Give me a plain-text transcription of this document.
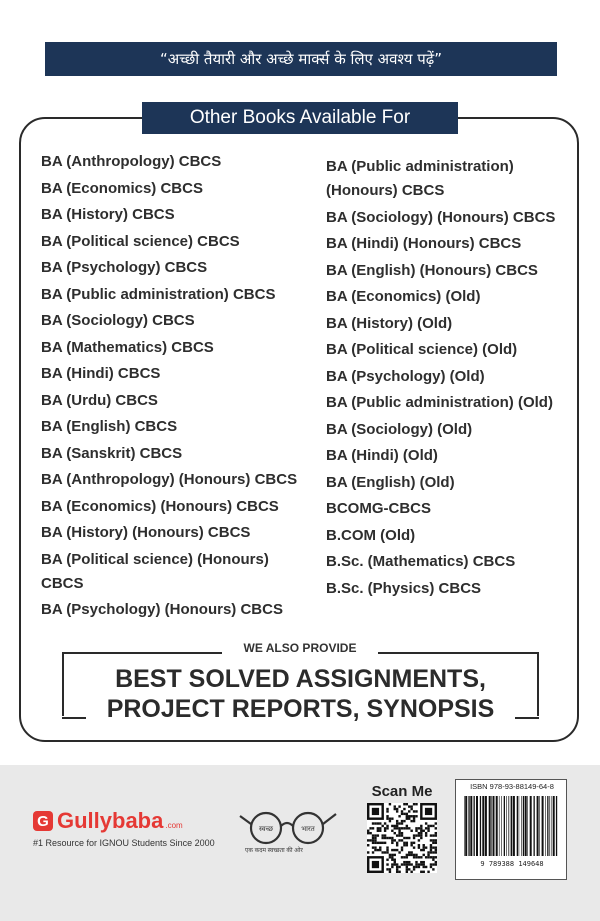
“अच्छी तैयारी और अच्छे मार्क्स के लिए अवश्य पढ़ें”
Other Books Available For
BA (Anthropology) CBCS
BA (Economics) CBCS
BA (History) CBCS
BA (Political science) CBCS
BA (Psychology) CBCS
BA (Public administration) CBCS
BA (Sociology) CBCS
BA (Mathematics) CBCS
BA (Hindi) CBCS
BA (Urdu) CBCS
BA (English) CBCS
BA (Sanskrit) CBCS
BA (Anthropology) (Honours) CBCS
BA (Economics) (Honours) CBCS
BA (History) (Honours) CBCS
BA (Political science) (Honours) CBCS
BA (Psychology) (Honours) CBCS
BA (Public administration) (Honours) CBCS
BA (Sociology) (Honours) CBCS
BA (Hindi) (Honours) CBCS
BA (English) (Honours) CBCS
BA (Economics) (Old)
BA (History) (Old)
BA (Political science) (Old)
BA (Psychology) (Old)
BA (Public administration) (Old)
BA (Sociology) (Old)
BA (Hindi) (Old)
BA (English) (Old)
BCOMG-CBCS
B.COM (Old)
B.Sc. (Mathematics) CBCS
B.Sc. (Physics) CBCS
WE ALSO PROVIDE
BEST SOLVED ASSIGNMENTS,
PROJECT REPORTS, SYNOPSIS
G Gullybaba .com
#1 Resource for IGNOU Students Since 2000
स्वच्छ	भारत
एक कदम स्वच्छता की ओर
Scan Me	ISBN 978-93-88149-64-8
9 789388 149648
